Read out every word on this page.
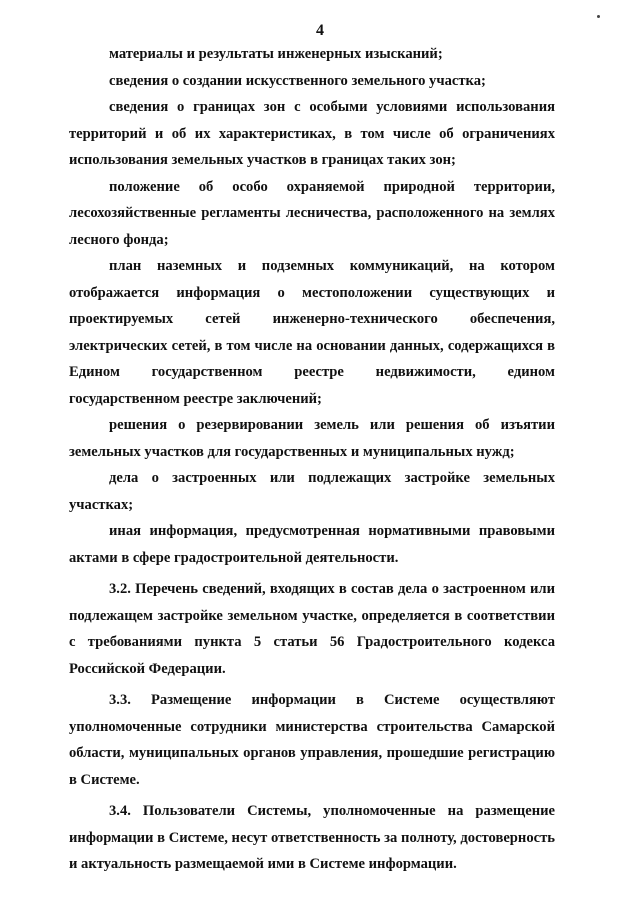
4

материалы и результаты инженерных изысканий;

сведения о создании искусственного земельного участка;

сведения о границах зон с особыми условиями использования территорий и об их характеристиках, в том числе об ограничениях использования земельных участков в границах таких зон;

положение об особо охраняемой природной территории, лесохозяйственные регламенты лесничества, расположенного на землях лесного фонда;

план наземных и подземных коммуникаций, на котором отображается информация о местоположении существующих и проектируемых сетей инженерно-технического обеспечения, электрических сетей, в том числе на основании данных, содержащихся в Едином государственном реестре недвижимости, едином государственном реестре заключений;

решения о резервировании земель или решения об изъятии земельных участков для государственных и муниципальных нужд;

дела о застроенных или подлежащих застройке земельных участках;

иная информация, предусмотренная нормативными правовыми актами в сфере градостроительной деятельности.

3.2. Перечень сведений, входящих в состав дела о застроенном или подлежащем застройке земельном участке, определяется в соответствии с требованиями пункта 5 статьи 56 Градостроительного кодекса Российской Федерации.

3.3. Размещение информации в Системе осуществляют уполномоченные сотрудники министерства строительства Самарской области, муниципальных органов управления, прошедшие регистрацию в Системе.

3.4. Пользователи Системы, уполномоченные на размещение информации в Системе, несут ответственность за полноту, достоверность и актуальность размещаемой ими в Системе информации.
